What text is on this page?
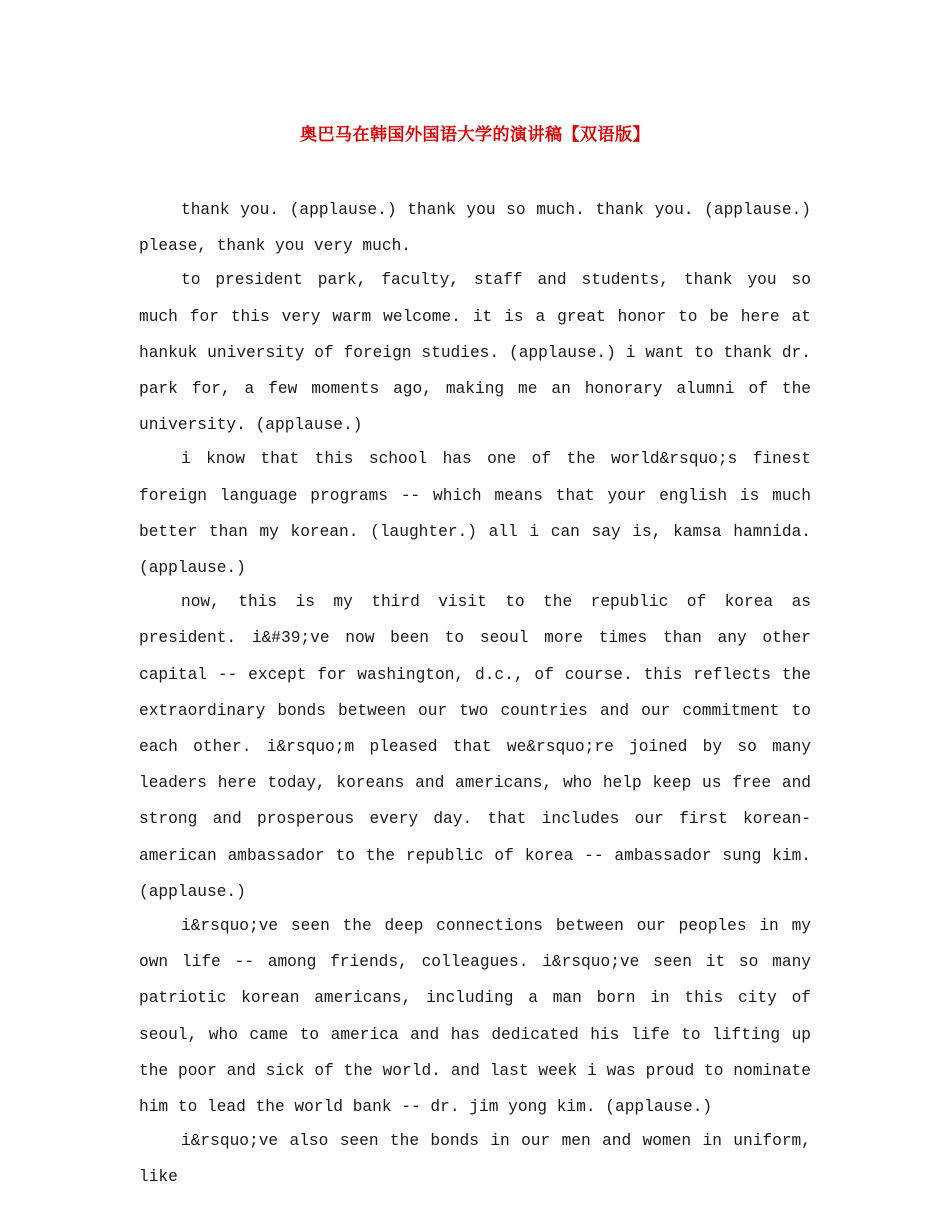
奥巴马在韩国外国语大学的演讲稿【双语版】

thank you. (applause.) thank you so much. thank you. (applause.) please, thank you very much.

to president park, faculty, staff and students, thank you so much for this very warm welcome. it is a great honor to be here at hankuk university of foreign studies. (applause.) i want to thank dr. park for, a few moments ago, making me an honorary alumni of the university. (applause.)

i know that this school has one of the world&rsquo;s finest foreign language programs -- which means that your english is much better than my korean. (laughter.) all i can say is, kamsa hamnida. (applause.)

now, this is my third visit to the republic of korea as president. i&#39;ve now been to seoul more times than any other capital -- except for washington, d.c., of course. this reflects the extraordinary bonds between our two countries and our commitment to each other. i&rsquo;m pleased that we&rsquo;re joined by so many leaders here today, koreans and americans, who help keep us free and strong and prosperous every day. that includes our first korean-american ambassador to the republic of korea -- ambassador sung kim. (applause.)

i&rsquo;ve seen the deep connections between our peoples in my own life -- among friends, colleagues. i&rsquo;ve seen it so many patriotic korean americans, including a man born in this city of seoul, who came to america and has dedicated his life to lifting up the poor and sick of the world. and last week i was proud to nominate him to lead the world bank -- dr. jim yong kim. (applause.)

i&rsquo;ve also seen the bonds in our men and women in uniform, like
